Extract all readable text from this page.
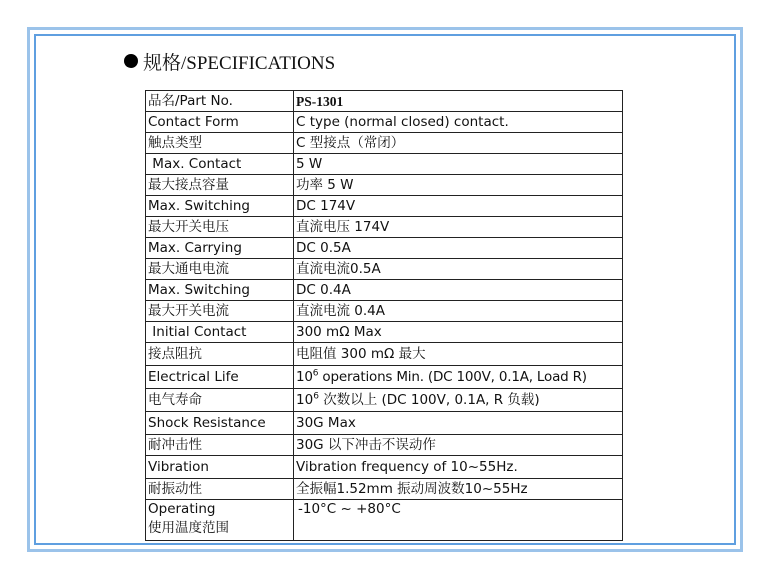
规格/SPECIFICATIONS
品名/Part No.	PS-1301
Contact Form	C type (normal closed) contact.
触点类型	C 型接点（常闭）
Max. Contact	5 W
最大接点容量	功率 5 W
Max. Switching	DC 174V
最大开关电压	直流电压 174V
Max. Carrying	DC 0.5A
最大通电电流	直流电流0.5A
Max. Switching	DC 0.4A
最大开关电流	直流电流 0.4A
Initial Contact	300 mΩ Max
接点阻抗	电阻值 300 mΩ 最大
Electrical Life	$10^6$ operations Min. (DC 100V, 0.1A, Load R)
电气寿命	$10^6$ 次数以上 (DC 100V, 0.1A, R 负载)
Shock Resistance	30G Max
耐冲击性	30G 以下冲击不误动作
Vibration	Vibration frequency of 10~55Hz.
耐振动性	全振幅1.52mm 振动周波数10~55Hz

Operating
使用温度范围	-10°C ~ +80°C
